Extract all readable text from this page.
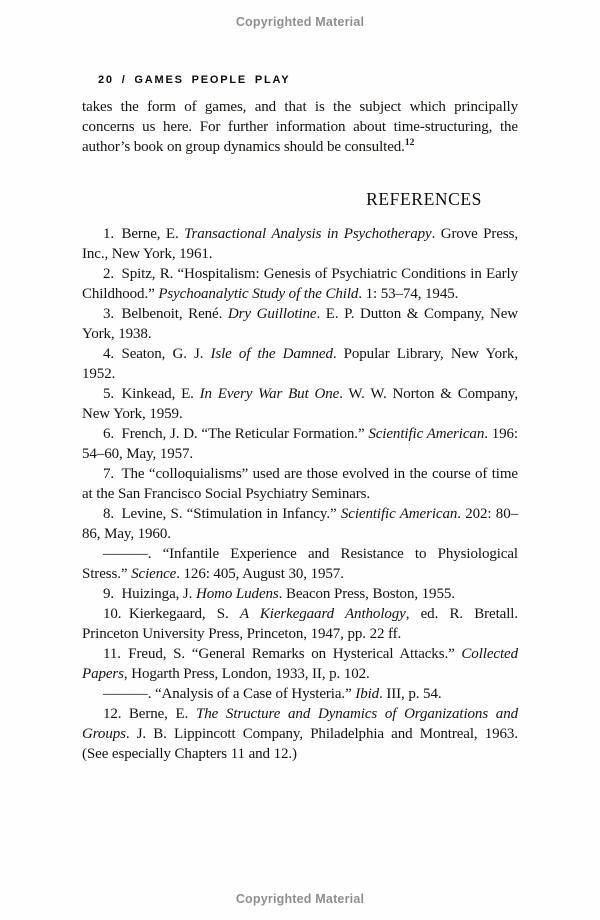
Copyrighted Material
20 / GAMES PEOPLE PLAY

takes the form of games, and that is the subject which principally concerns us here. For further information about time-structuring, the author’s book on group dynamics should be consulted.$^{12}$

REFERENCES

1. Berne, E. Transactional Analysis in Psychotherapy. Grove Press, Inc., New York, 1961.

2. Spitz, R. “Hospitalism: Genesis of Psychiatric Conditions in Early Childhood.” Psychoanalytic Study of the Child. 1: 53–74, 1945.

3. Belbenoit, René. Dry Guillotine. E. P. Dutton & Company, New York, 1938.

4. Seaton, G. J. Isle of the Damned. Popular Library, New York, 1952.

5. Kinkead, E. In Every War But One. W. W. Norton & Company, New York, 1959.

6. French, J. D. “The Reticular Formation.” Scientific American. 196: 54–60, May, 1957.

7. The “colloquialisms” used are those evolved in the course of time at the San Francisco Social Psychiatry Seminars.

8. Levine, S. “Stimulation in Infancy.” Scientific American. 202: 80–86, May, 1960.

———. “Infantile Experience and Resistance to Physiological Stress.” Science. 126: 405, August 30, 1957.

9. Huizinga, J. Homo Ludens. Beacon Press, Boston, 1955.

10. Kierkegaard, S. A Kierkegaard Anthology, ed. R. Bretall. Princeton University Press, Princeton, 1947, pp. 22 ff.

11. Freud, S. “General Remarks on Hysterical Attacks.” Collected Papers, Hogarth Press, London, 1933, II, p. 102.

———. “Analysis of a Case of Hysteria.” Ibid. III, p. 54.

12. Berne, E. The Structure and Dynamics of Organizations and Groups. J. B. Lippincott Company, Philadelphia and Montreal, 1963. (See especially Chapters 11 and 12.)

Copyrighted Material
